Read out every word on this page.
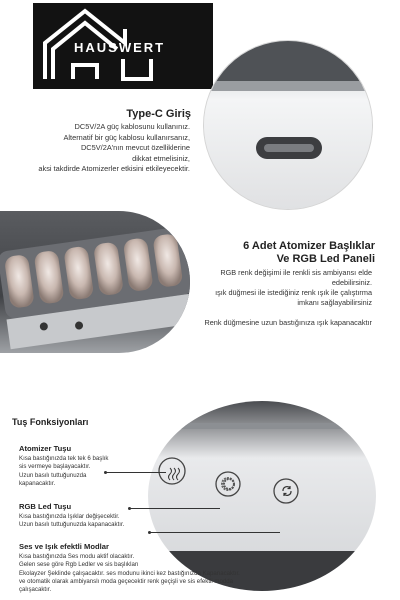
HAUSWERT
Type-C Giriş
DC5V/2A güç kablosunu kullanınız.
Alternatif bir güç kablosu kullanırsanız,
DC5V/2A'nın mevcut özelliklerine
dikkat etmelisiniz,
aksi takdirde Atomizerler etkisini etkileyecektir.
6 Adet Atomizer Başlıklar
Ve RGB Led Paneli
RGB renk değişimi ile renkli sis ambiyansı elde
edebilirsiniz.
ışık düğmesi ile istediğiniz renk ışık ile çalıştırma
imkanı sağlayabilirsiniz
Renk düğmesine uzun bastığınıza ışık kapanacaktır
Tuş Fonksiyonları
Atomizer Tuşu
Kısa bastığınızda tek tek 6 başlık
sis vermeye başlayacaktır.
Uzun basılı tuttuğunuzda
kapanacaktır.
RGB Led Tuşu
Kısa bastığınızda Işıklar değişecektir.
Uzun basılı tuttuğunuzda kapanacaktır.
Ses ve Işık efektli Modlar
Kısa bastığınızda Ses modu aktif olacaktır.
Gelen sese göre Rgb Ledler ve sis başlıkları
Ekolayzer Şeklinde çalışacaktır. ses modunu ikinci kez bastığınızda Kapanacaktır.
ve otomatik olarak ambiyanslı moda geçecektir renk geçişli ve sis efektli modda
çalışacaktır.
